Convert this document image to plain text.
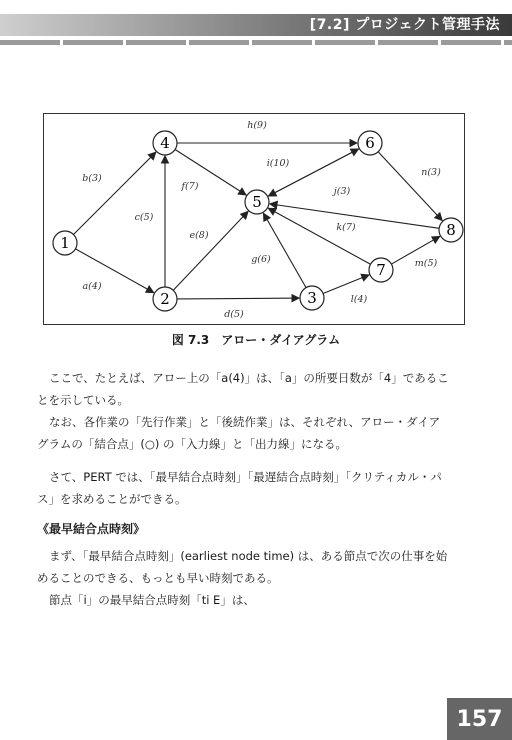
[7.2] プロジェクト管理手法
a(4)
b(3)
c(5)
d(5)
e(8)
f(7)
g(6)
h(9)
i(10)
j(3)
k(7)
l(4)
m(5)
n(3)
1
2	3
4
5
6
7
8
図 7.3　アロー・ダイアグラム

ここで、たとえば、アロー上の「a(4)」は、「a」の所要日数が「4」であるこ
とを示している。

なお、各作業の「先行作業」と「後続作業」は、それぞれ、アロー・ダイア
グラムの「結合点」(○) の「入力線」と「出力線」になる。

さて、PERT では、「最早結合点時刻」「最遅結合点時刻」「クリティカル・パ
ス」を求めることができる。

《最早結合点時刻》

まず、「最早結合点時刻」(earliest node time) は、ある節点で次の仕事を始
めることのできる、もっとも早い時刻である。

節点「i」の最早結合点時刻「ti E」は、

157
